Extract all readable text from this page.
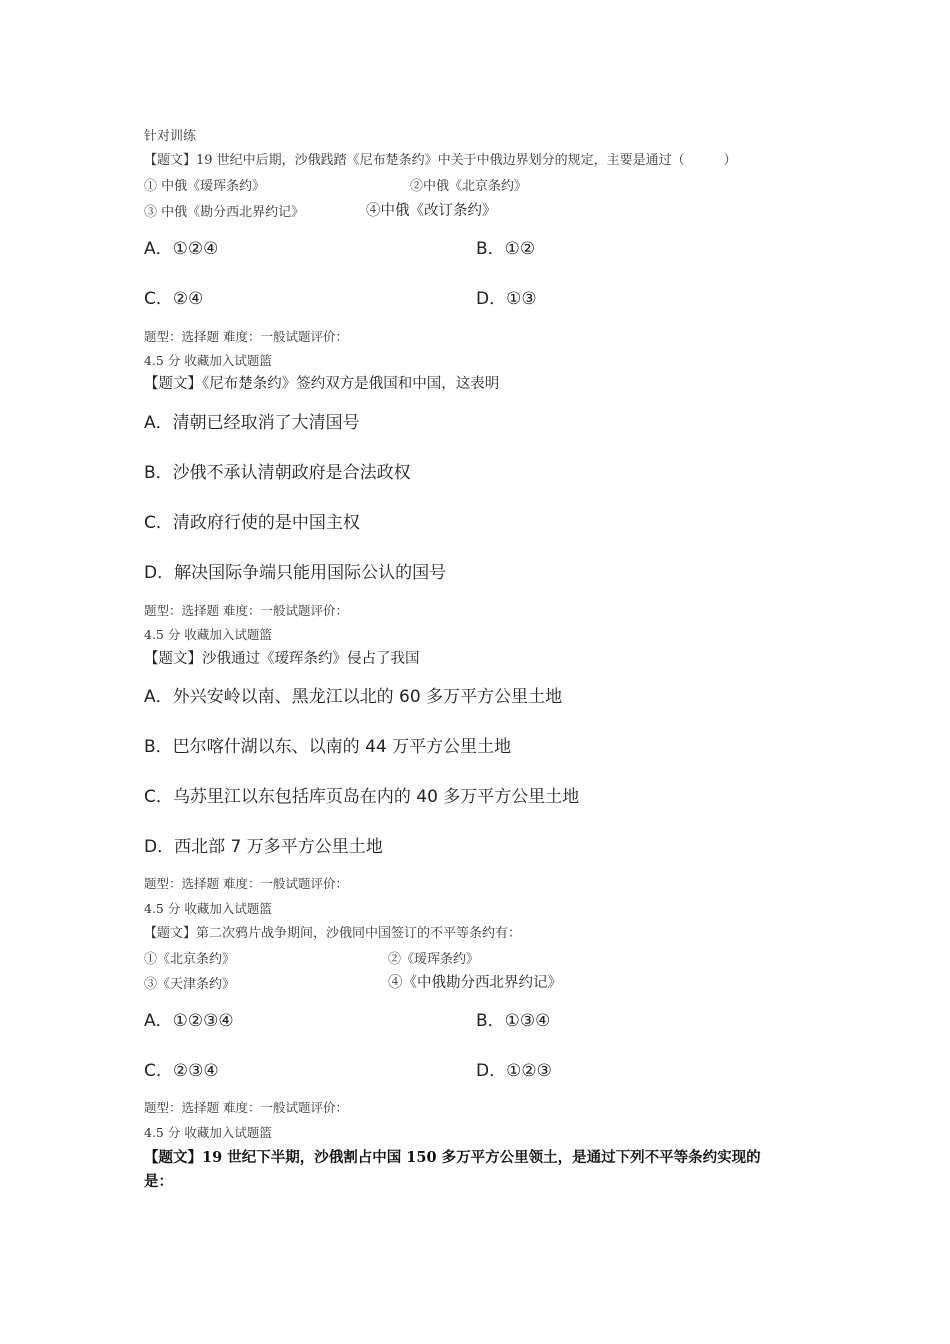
针对训练
【题文】19 世纪中后期，沙俄践踏《尼布楚条约》中关于中俄边界划分的规定，主要是通过（　　　）
① 中俄《瑷珲条约》	②中俄《北京条约》
③ 中俄《勘分西北界约记》	④中俄《改订条约》
A．①②④	B．①②
C．②④	D．①③
题型：选择题 难度：一般试题评价：
4.5 分 收藏加入试题篮
【题文】《尼布楚条约》签约双方是俄国和中国，这表明
A．清朝已经取消了大清国号
B．沙俄不承认清朝政府是合法政权
C．清政府行使的是中国主权
D．解决国际争端只能用国际公认的国号
题型：选择题 难度：一般试题评价：
4.5 分 收藏加入试题篮
【题文】沙俄通过《瑷珲条约》侵占了我国
A．外兴安岭以南、黑龙江以北的 60 多万平方公里土地
B．巴尔喀什湖以东、以南的 44 万平方公里土地
C．乌苏里江以东包括库页岛在内的 40 多万平方公里土地
D．西北部 7 万多平方公里土地
题型：选择题 难度：一般试题评价：
4.5 分 收藏加入试题篮
【题文】第二次鸦片战争期间，沙俄同中国签订的不平等条约有：
①《北京条约》	②《瑷珲条约》
③《天津条约》	④《中俄勘分西北界约记》
A．①②③④	B．①③④
C．②③④	D．①②③
题型：选择题 难度：一般试题评价：
4.5 分 收藏加入试题篮
【题文】19 世纪下半期，沙俄割占中国 150 多万平方公里领土，是通过下列不平等条约实现的
是：
